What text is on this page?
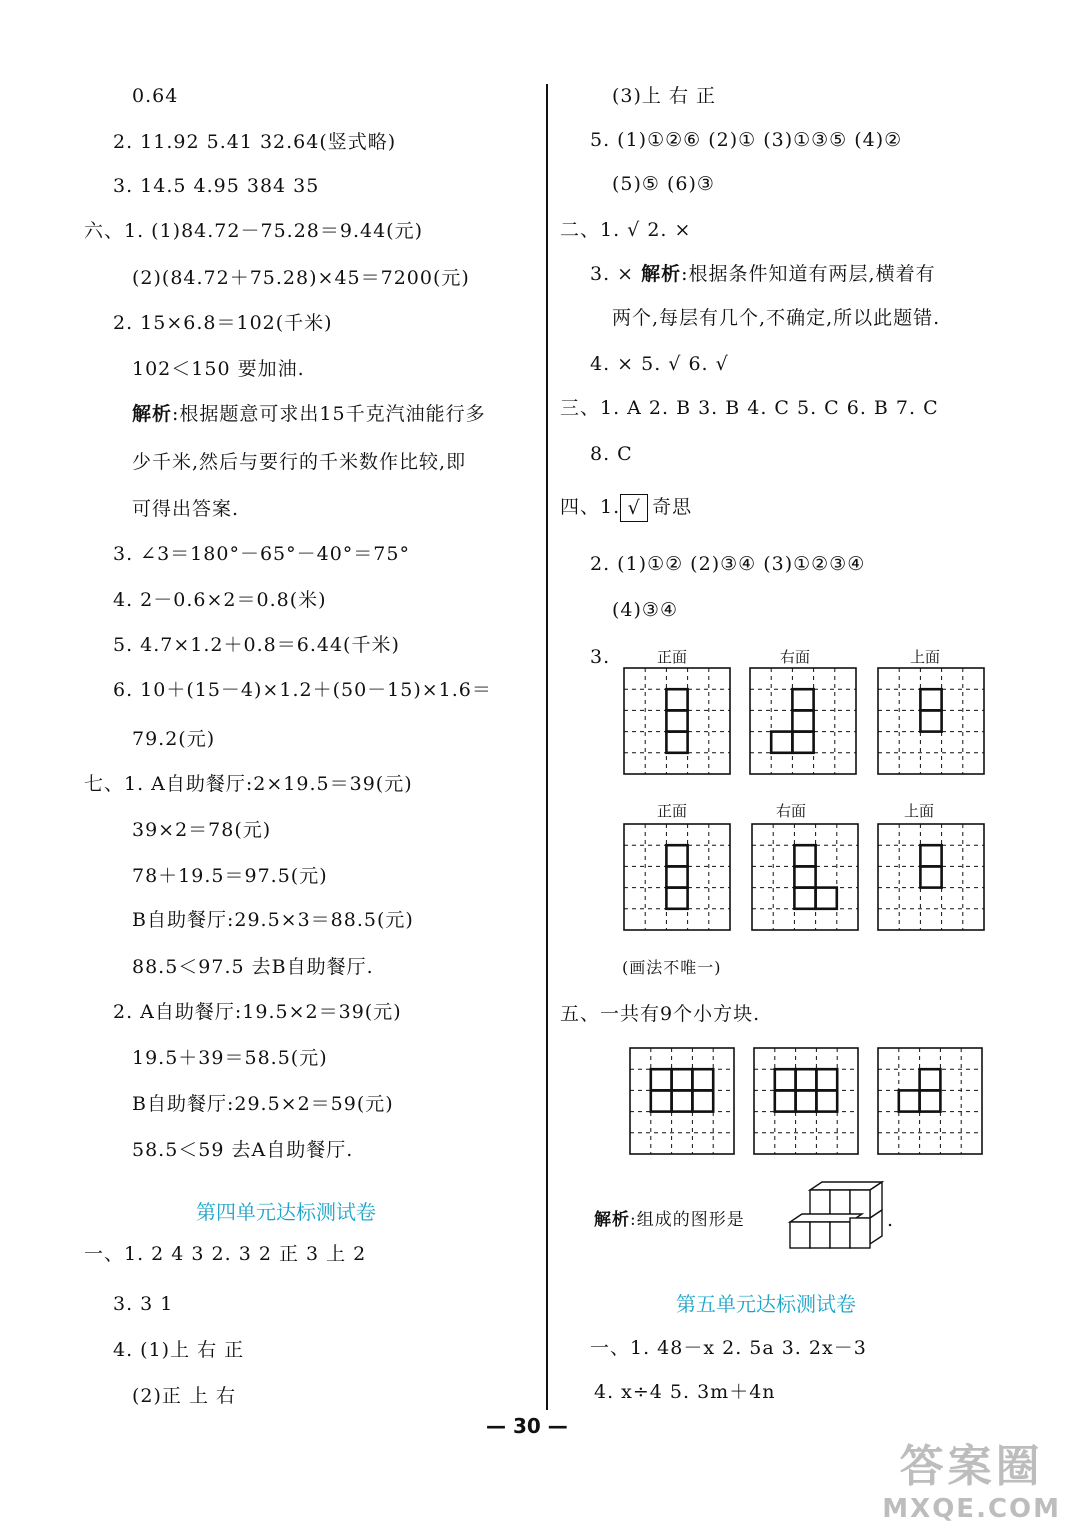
0.64
2. 11.92 5.41 32.64(竖式略)
3. 14.5 4.95 384 35
六、1. (1)84.72－75.28＝9.44(元)
(2)(84.72＋75.28)×45＝7200(元)
2. 15×6.8＝102(千米)
102＜150 要加油.
解析:根据题意可求出15千克汽油能行多
少千米,然后与要行的千米数作比较,即
可得出答案.
3. ∠3＝180°－65°－40°＝75°
4. 2－0.6×2＝0.8(米)
5. 4.7×1.2＋0.8＝6.44(千米)
6. 10＋(15－4)×1.2＋(50－15)×1.6＝
79.2(元)
七、1. A自助餐厅:2×19.5＝39(元)
39×2＝78(元)
78＋19.5＝97.5(元)
B自助餐厅:29.5×3＝88.5(元)
88.5＜97.5 去B自助餐厅.
2. A自助餐厅:19.5×2＝39(元)
19.5＋39＝58.5(元)
B自助餐厅:29.5×2＝59(元)
58.5＜59 去A自助餐厅.
第四单元达标测试卷
一、1. 2 4 3 2. 3 2 正 3 上 2
3. 3 1
4. (1)上 右 正
(2)正 上 右
(3)上 右 正
5. (1)①②⑥ (2)① (3)①③⑤ (4)②
(5)⑤ (6)③
二、1. √ 2. ×
3. × 解析:根据条件知道有两层,横着有
两个,每层有几个,不确定,所以此题错.
4. × 5. √ 6. √
三、1. A 2. B 3. B 4. C 5. C 6. B 7. C
8. C
四、1. √ 奇思
2. (1)①② (2)③④ (3)①②③④
(4)③④
3.	正面	右面	上面
正面	右面	上面
(画法不唯一)
五、一共有9个小方块.
解析:组成的图形是	.
第五单元达标测试卷
一、1. 48－x 2. 5a 3. 2x－3
4. x÷4 5. 3m＋4n
— 30 —
答案圈
MXQE.COM
